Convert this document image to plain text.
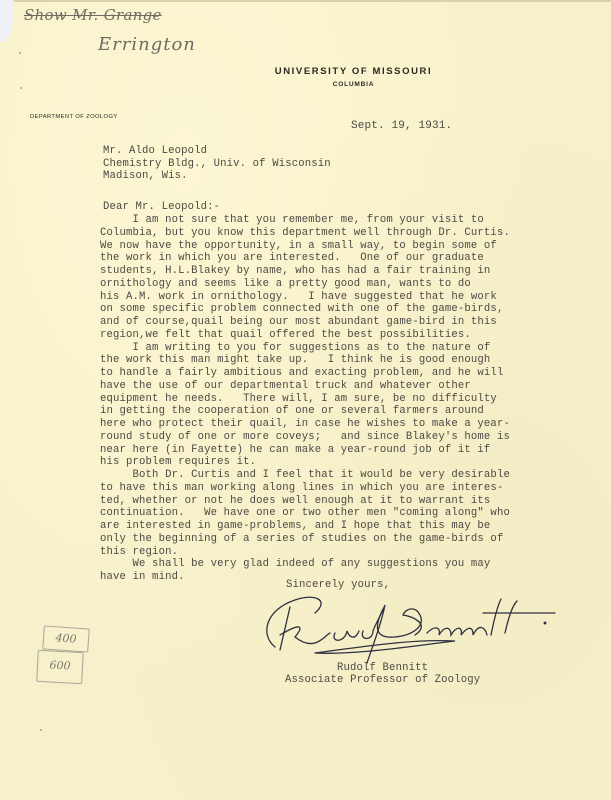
Show Mr. Grange
Errington
UNIVERSITY OF MISSOURI
COLUMBIA
DEPARTMENT OF ZOOLOGY
Sept. 19, 1931.
Mr. Aldo Leopold
Chemistry Bldg., Univ. of Wisconsin
Madison, Wis.
Dear Mr. Leopold:-
I am not sure that you remember me, from your visit to
Columbia, but you know this department well through Dr. Curtis.
We now have the opportunity, in a small way, to begin some of
the work in which you are interested.   One of our graduate
students, H.L.Blakey by name, who has had a fair training in
ornithology and seems like a pretty good man, wants to do
his A.M. work in ornithology.   I have suggested that he work
on some specific problem connected with one of the game-birds,
and of course,quail being our most abundant game-bird in this
region,we felt that quail offered the best possibilities.
I am writing to you for suggestions as to the nature of
the work this man might take up.   I think he is good enough
to handle a fairly ambitious and exacting problem, and he will
have the use of our departmental truck and whatever other
equipment he needs.   There will, I am sure, be no difficulty
in getting the cooperation of one or several farmers around
here who protect their quail, in case he wishes to make a year-
round study of one or more coveys;   and since Blakey's home is
near here (in Fayette) he can make a year-round job of it if
his problem requires it.
Both Dr. Curtis and I feel that it would be very desirable
to have this man working along lines in which you are interes-
ted, whether or not he does well enough at it to warrant its
continuation.   We have one or two other men "coming along" who
are interested in game-problems, and I hope that this may be
only the beginning of a series of studies on the game-birds of
this region.
We shall be very glad indeed of any suggestions you may
have in mind.
Sincerely yours,
Rudolf Bennitt
Associate Professor of Zoology
400
600
